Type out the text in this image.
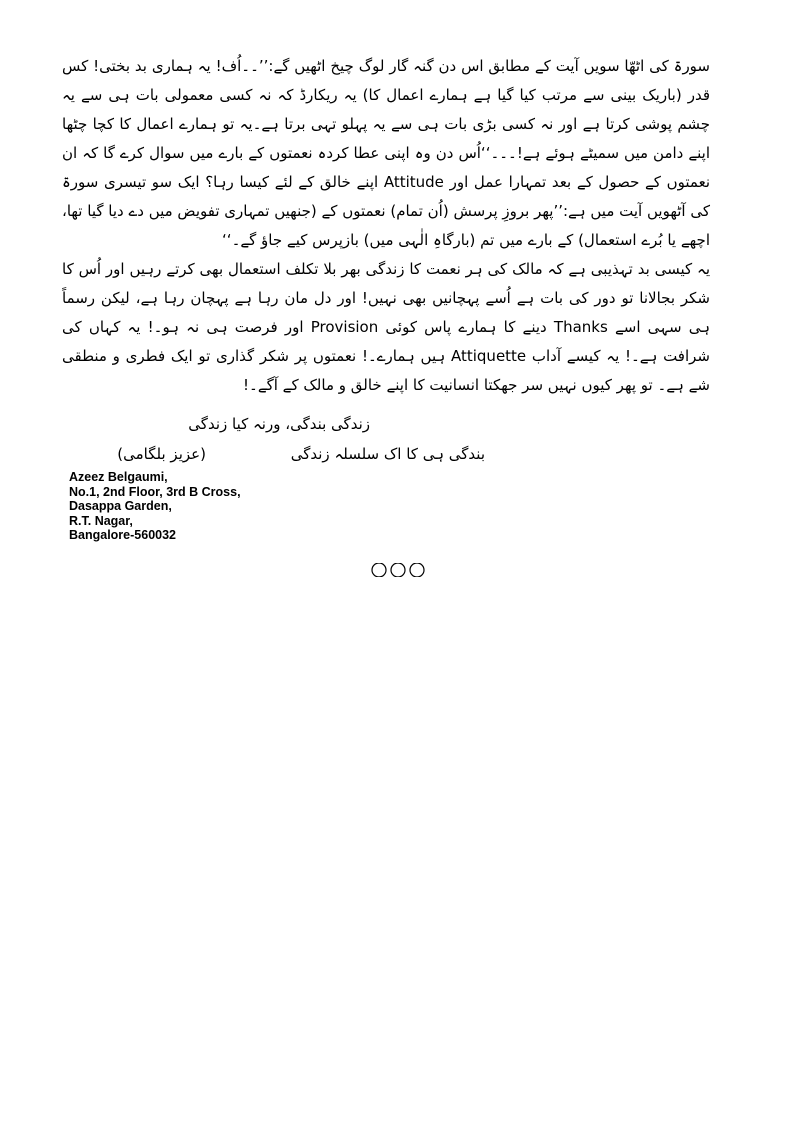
سورۃ کی اٹھّا سویں آیت کے مطابق اس دن گنہ گار لوگ چیخ اٹھیں گے:’’۔۔اُف! یہ ہماری بد بختی! کس قدر (باریک بینی سے مرتب کیا گیا ہے ہمارے اعمال کا) یہ ریکارڈ کہ نہ کسی معمولی بات ہی سے یہ چشم پوشی کرتا ہے اور نہ کسی بڑی بات ہی سے یہ پہلو تہی برتا ہے۔یہ تو ہمارے اعمال کا کچا چٹھا اپنے دامن میں سمیٹے ہوئے ہے!۔۔۔‘‘اُس دن وہ اپنی عطا کردہ نعمتوں کے بارے میں سوال کرے گا کہ ان نعمتوں کے حصول کے بعد تمہارا عمل اور Attitude اپنے خالق کے لئے کیسا رہا؟ ایک سو تیسری سورۃ کی آٹھویں آیت میں ہے:’’پھر بروزِ پرسش (اُن تمام) نعمتوں کے (جنھیں تمہاری تفویض میں دے دیا گیا تھا، اچھے یا بُرے استعمال) کے بارے میں تم (بارگاہِ الٰہی میں) بازپرس کیے جاؤ گے۔‘‘

یہ کیسی بد تہذیبی ہے کہ مالک کی ہر نعمت کا زندگی بھر بلا تکلف استعمال بھی کرتے رہیں اور اُس کا شکر بجالانا تو دور کی بات ہے اُسے پہچانیں بھی نہیں! اور دل مان رہا ہے پہچان رہا ہے، لیکن رسماً ہی سہی اسے Thanks دینے کا ہمارے پاس کوئی Provision اور فرصت ہی نہ ہو۔! یہ کہاں کی شرافت ہے۔! یہ کیسے آداب Attiquette ہیں ہمارے۔! نعمتوں پر شکر گذاری تو ایک فطری و منطقی شے ہے۔ تو پھر کیوں نہیں سر جھکتا انسانیت کا اپنے خالق و مالک کے آگے۔!

زندگی بندگی، ورنہ کیا زندگی
بندگی ہی کا اک سلسلہ زندگی (عزیز بلگامی)
Azeez Belgaumi,
No.1, 2nd Floor, 3rd B Cross,
Dasappa Garden,
R.T. Nagar,
Bangalore-560032
